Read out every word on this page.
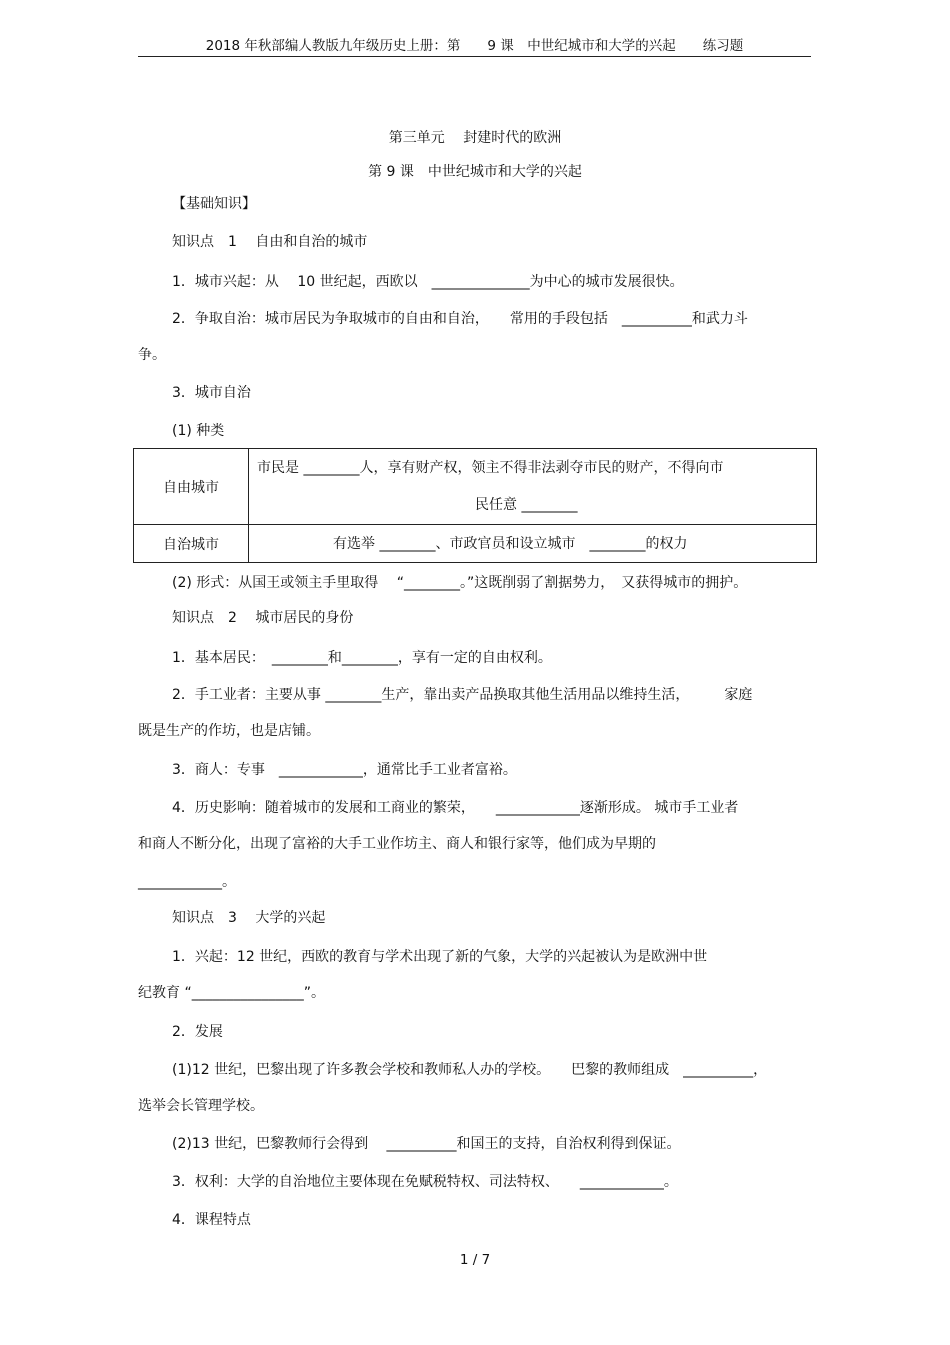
2018 年秋部编人教版九年级历史上册：第　　9 课　中世纪城市和大学的兴起　　练习题
第三单元　 封建时代的欧洲
第 9 课　中世纪城市和大学的兴起
【基础知识】
知识点　1　 自由和自治的城市
1．城市兴起：从　 10 世纪起，西欧以　______________为中心的城市发展很快。
2．争取自治：城市居民为争取城市的自由和自治，　　常用的手段包括　__________和武力斗
争。
3．城市自治
(1) 种类
自由城市	市民是 ________人，享有财产权，领主不得非法剥夺市民的财产，不得向市
民任意 ________

自治城市	有选举 ________、市政官员和设立城市　________的权力
(2) 形式：从国王或领主手里取得　 “________。”这既削弱了割据势力，　又获得城市的拥护。
知识点　2　 城市居民的身份
1．基本居民：　________和________，享有一定的自由权利。
2．手工业者：主要从事 ________生产，靠出卖产品换取其他生活用品以维持生活，　　　家庭
既是生产的作坊，也是店铺。
3．商人：专事　____________，通常比手工业者富裕。
4．历史影响：随着城市的发展和工商业的繁荣，　　____________逐渐形成。 城市手工业者
和商人不断分化，出现了富裕的大手工业作坊主、商人和银行家等，他们成为早期的
____________。
知识点　3　 大学的兴起
1．兴起：12 世纪，西欧的教育与学术出现了新的气象，大学的兴起被认为是欧洲中世
纪教育 “________________”。
2．发展
(1)12 世纪，巴黎出现了许多教会学校和教师私人办的学校。　　巴黎的教师组成　__________，
选举会长管理学校。
(2)13 世纪，巴黎教师行会得到　 __________和国王的支持，自治权利得到保证。
3．权利：大学的自治地位主要体现在免赋税特权、司法特权、　　____________。
4．课程特点
1 / 7
